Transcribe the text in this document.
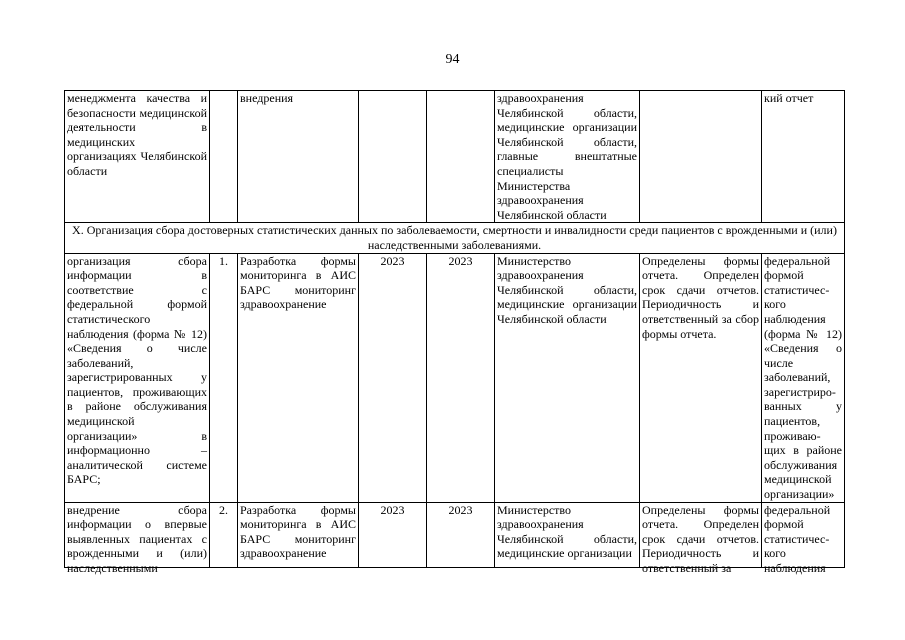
94
менеджмента качества и безопасности медицинской деятельности в медицинских организациях Челябинской области		внедрения			здравоохранения Челябинской области, медицинские организации Челябинской области, главные внештатные специалисты Министерства здравоохранения Челябинской области		кий отчет
X. Организация сбора достоверных статистических данных по заболеваемости, смертности и инвалидности среди пациентов с врожденными и (или) наследственными заболеваниями.							
организация сбора информации в соответствие с федеральной формой статистического наблюдения (форма № 12) «Сведения о числе заболеваний, зарегистрированных у пациентов, проживающих в районе обслуживания медицинской организации» в информационно – аналитической системе БАРС;	1.	Разработка формы мониторинга в АИС БАРС мониторинг здравоохранение	2023	2023	Министерство здравоохранения Челябинской области, медицинские организации Челябинской области	Определены формы отчета. Определен срок сдачи отчетов. Периодичность и ответственный за сбор формы отчета.	федеральной формой статистичес-кого наблюдения (форма № 12) «Сведения о числе заболеваний, зарегистриро-ванных у пациентов, проживаю-щих в районе обслуживания медицинской организации»

внедрение сбора информации о впервые выявленных пациентах с врожденными и (или) наследственными	2.	Разработка формы мониторинга в АИС БАРС мониторинг здравоохранение	2023	2023	Министерство здравоохранения Челябинской области, медицинские организации	Определены формы отчета. Определен срок сдачи отчетов. Периодичность и ответственный за	федеральной формой статистичес-кого наблюдения
